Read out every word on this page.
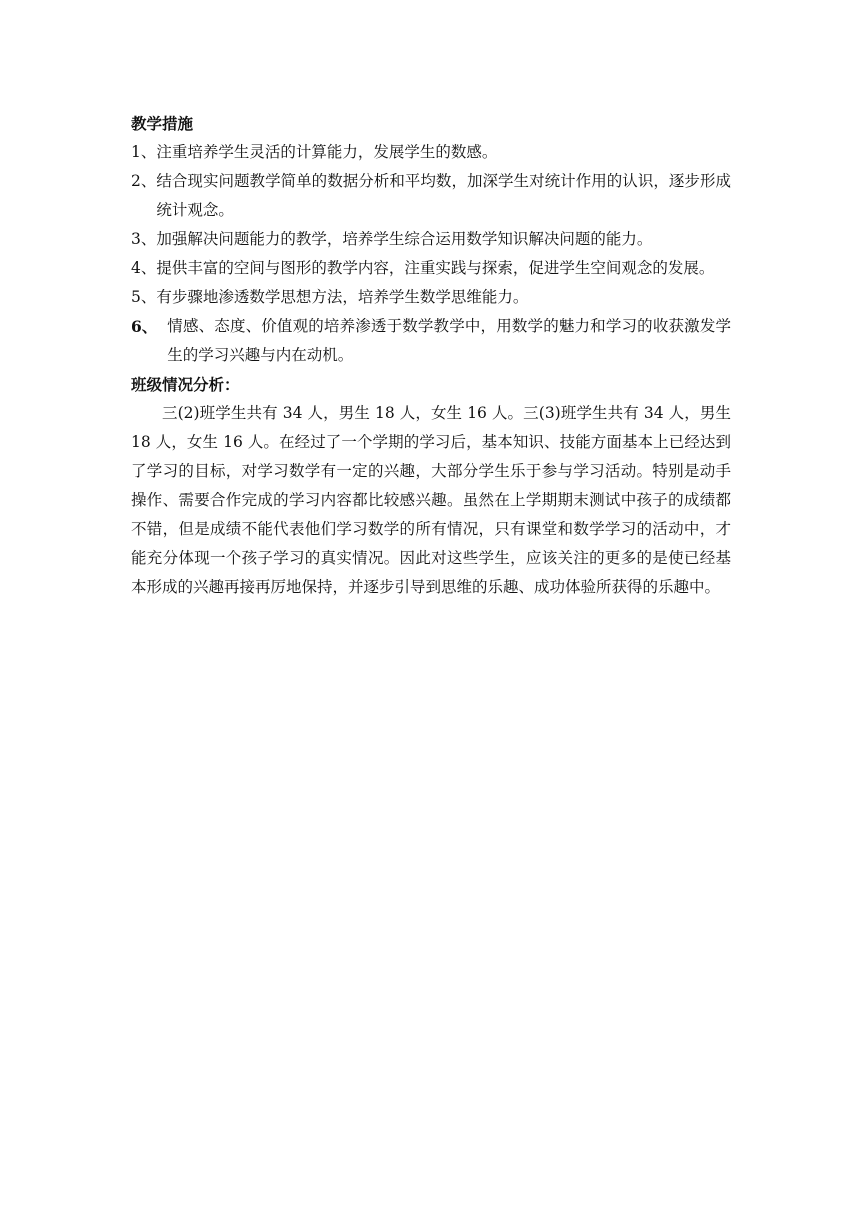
教学措施

1、 注重培养学生灵活的计算能力，发展学生的数感。
2、 结合现实问题教学简单的数据分析和平均数，加深学生对统计作用的认识，逐步形成统计观念。
3、 加强解决问题能力的教学，培养学生综合运用数学知识解决问题的能力。
4、 提供丰富的空间与图形的教学内容，注重实践与探索，促进学生空间观念的发展。
5、 有步骤地渗透数学思想方法，培养学生数学思维能力。
6、 情感、态度、价值观的培养渗透于数学教学中，用数学的魅力和学习的收获激发学生的学习兴趣与内在动机。

班级情况分析：

三(2)班学生共有 34 人，男生 18 人，女生 16 人。三(3)班学生共有 34 人，男生 18 人，女生 16 人。在经过了一个学期的学习后，基本知识、技能方面基本上已经达到了学习的目标，对学习数学有一定的兴趣，大部分学生乐于参与学习活动。特别是动手操作、需要合作完成的学习内容都比较感兴趣。虽然在上学期期末测试中孩子的成绩都不错，但是成绩不能代表他们学习数学的所有情况，只有课堂和数学学习的活动中，才能充分体现一个孩子学习的真实情况。因此对这些学生，应该关注的更多的是使已经基本形成的兴趣再接再厉地保持，并逐步引导到思维的乐趣、成功体验所获得的乐趣中。
